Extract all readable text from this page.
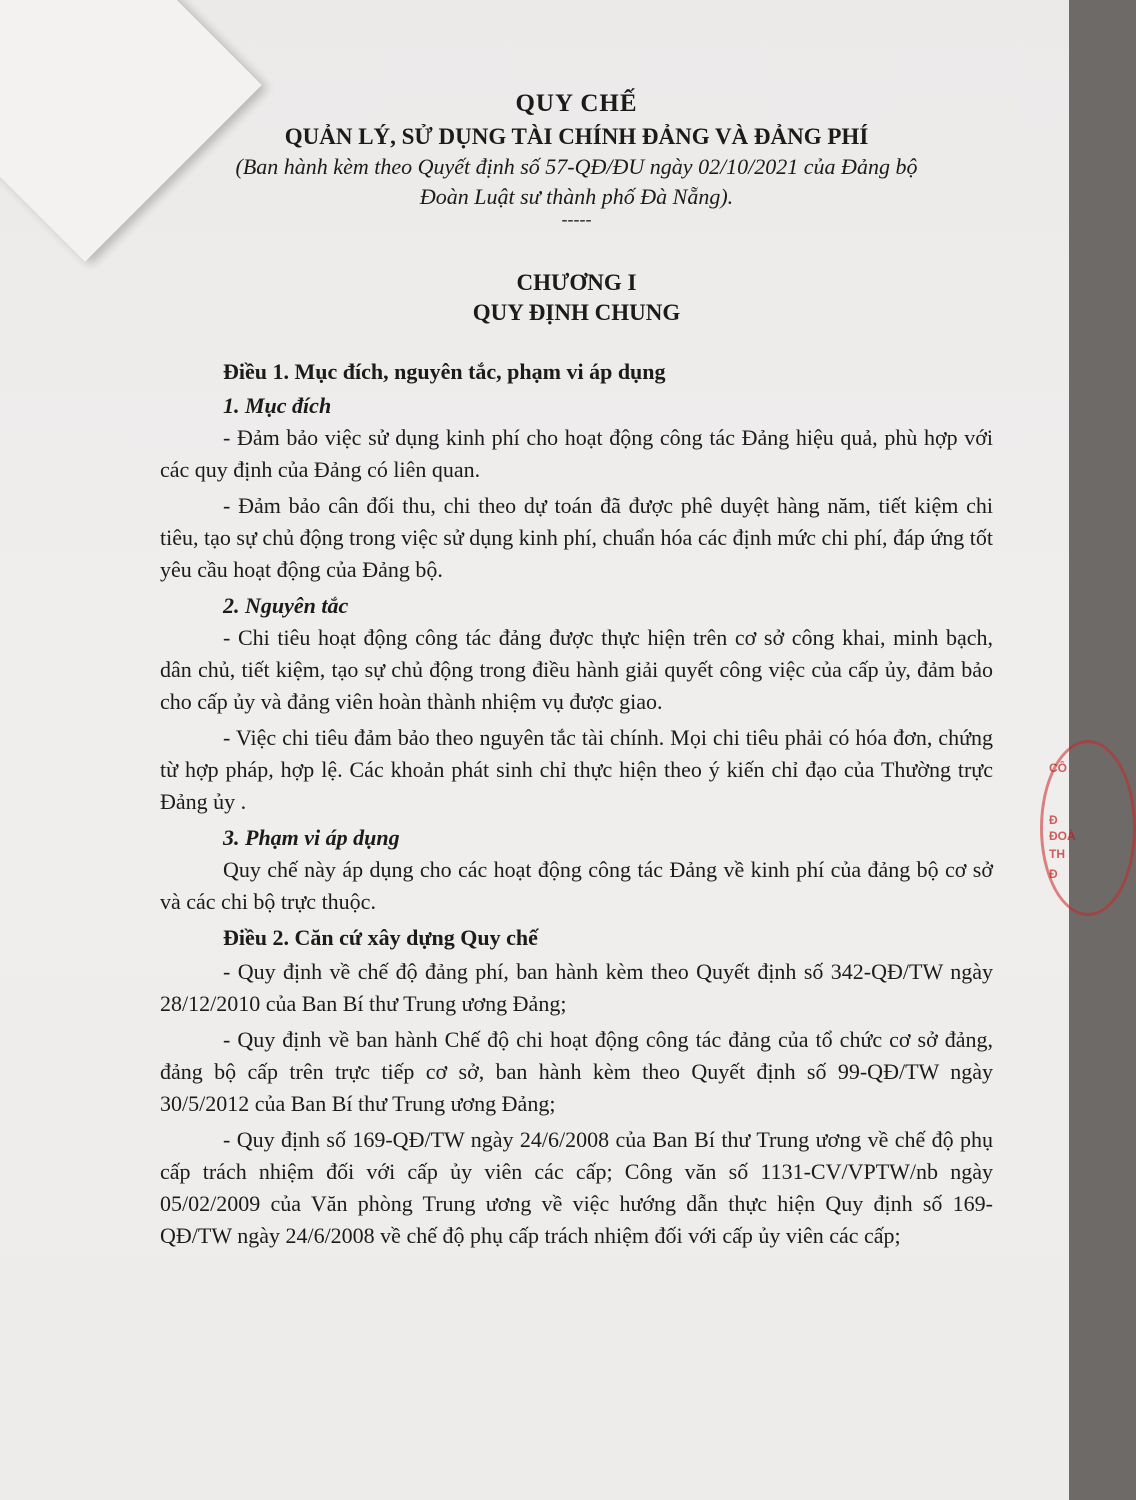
QUY CHẾ
QUẢN LÝ, SỬ DỤNG TÀI CHÍNH ĐẢNG VÀ ĐẢNG PHÍ
(Ban hành kèm theo Quyết định số 57-QĐ/ĐU ngày 02/10/2021 của Đảng bộ
Đoàn Luật sư thành phố Đà Nẵng).
-----
CHƯƠNG I
QUY ĐỊNH CHUNG
Điều 1. Mục đích, nguyên tắc, phạm vi áp dụng
1. Mục đích

- Đảm bảo việc sử dụng kinh phí cho hoạt động công tác Đảng hiệu quả, phù hợp với các quy định của Đảng có liên quan.

- Đảm bảo cân đối thu, chi theo dự toán đã được phê duyệt hàng năm, tiết kiệm chi tiêu, tạo sự chủ động trong việc sử dụng kinh phí, chuẩn hóa các định mức chi phí, đáp ứng tốt yêu cầu hoạt động của Đảng bộ.

2. Nguyên tắc

- Chi tiêu hoạt động công tác đảng được thực hiện trên cơ sở công khai, minh bạch, dân chủ, tiết kiệm, tạo sự chủ động trong điều hành giải quyết công việc của cấp ủy, đảm bảo cho cấp ủy và đảng viên hoàn thành nhiệm vụ được giao.

- Việc chi tiêu đảm bảo theo nguyên tắc tài chính. Mọi chi tiêu phải có hóa đơn, chứng từ hợp pháp, hợp lệ. Các khoản phát sinh chỉ thực hiện theo ý kiến chỉ đạo của Thường trực Đảng ủy .

3. Phạm vi áp dụng

Quy chế này áp dụng cho các hoạt động công tác Đảng về kinh phí của đảng bộ cơ sở và các chi bộ trực thuộc.

Điều 2. Căn cứ xây dựng Quy chế

- Quy định về chế độ đảng phí, ban hành kèm theo Quyết định số 342-QĐ/TW ngày 28/12/2010 của Ban Bí thư Trung ương Đảng;

- Quy định về ban hành Chế độ chi hoạt động công tác đảng của tổ chức cơ sở đảng, đảng bộ cấp trên trực tiếp cơ sở, ban hành kèm theo Quyết định số 99-QĐ/TW ngày 30/5/2012 của Ban Bí thư Trung ương Đảng;

- Quy định số 169-QĐ/TW ngày 24/6/2008 của Ban Bí thư Trung ương về chế độ phụ cấp trách nhiệm đối với cấp ủy viên các cấp; Công văn số 1131-CV/VPTW/nb ngày 05/02/2009 của Văn phòng Trung ương về việc hướng dẫn thực hiện Quy định số 169-QĐ/TW ngày 24/6/2008 về chế độ phụ cấp trách nhiệm đối với cấp ủy viên các cấp;

CÔ
Đ
ĐOÀ
TH
Đ
